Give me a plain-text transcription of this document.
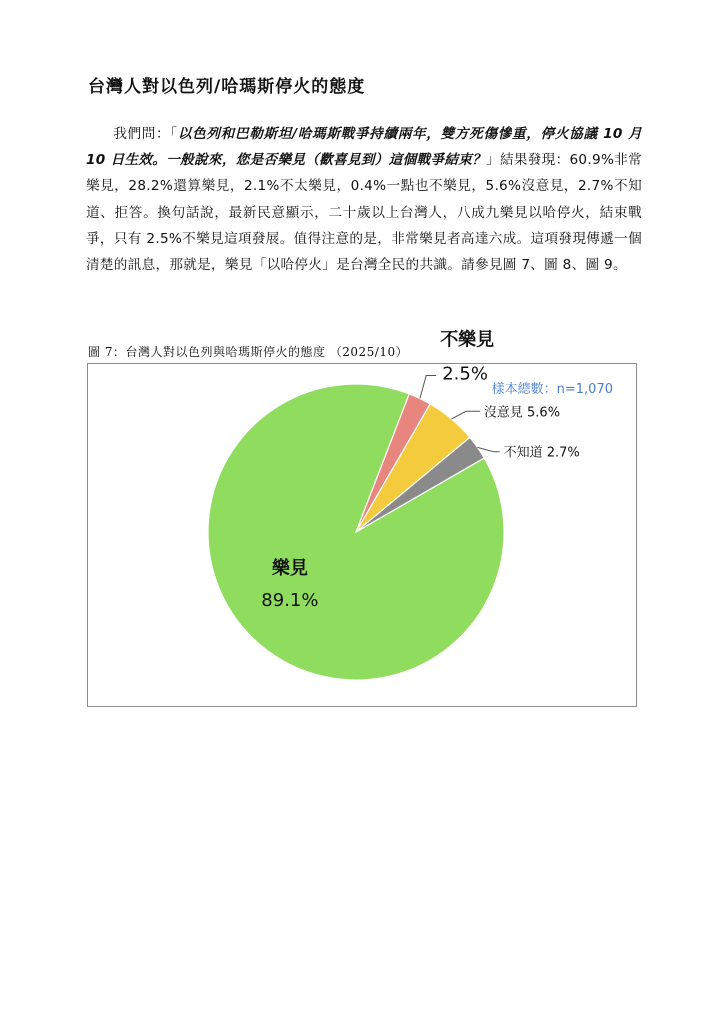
台灣人對以色列/哈瑪斯停火的態度

我們問：「以色列和巴勒斯坦/哈瑪斯戰爭持續兩年，雙方死傷慘重，停火協議 10 月 10 日生效。一般說來，您是否樂見（歡喜見到）這個戰爭結束？」結果發現：60.9%非常樂見，28.2%還算樂見，2.1%不太樂見，0.4%一點也不樂見，5.6%沒意見，2.7%不知道、拒答。換句話說，最新民意顯示，二十歲以上台灣人，八成九樂見以哈停火，結束戰爭，只有 2.5%不樂見這項發展。值得注意的是，非常樂見者高達六成。這項發現傳遞一個清楚的訊息，那就是，樂見「以哈停火」是台灣全民的共識。請參見圖 7、圖 8、圖 9。

圖 7：台灣人對以色列與哈瑪斯停火的態度 （2025/10）

樣本總數：n=1,070
樂見
89.1%
不樂見
2.5%
沒意見 5.6%
不知道 2.7%
